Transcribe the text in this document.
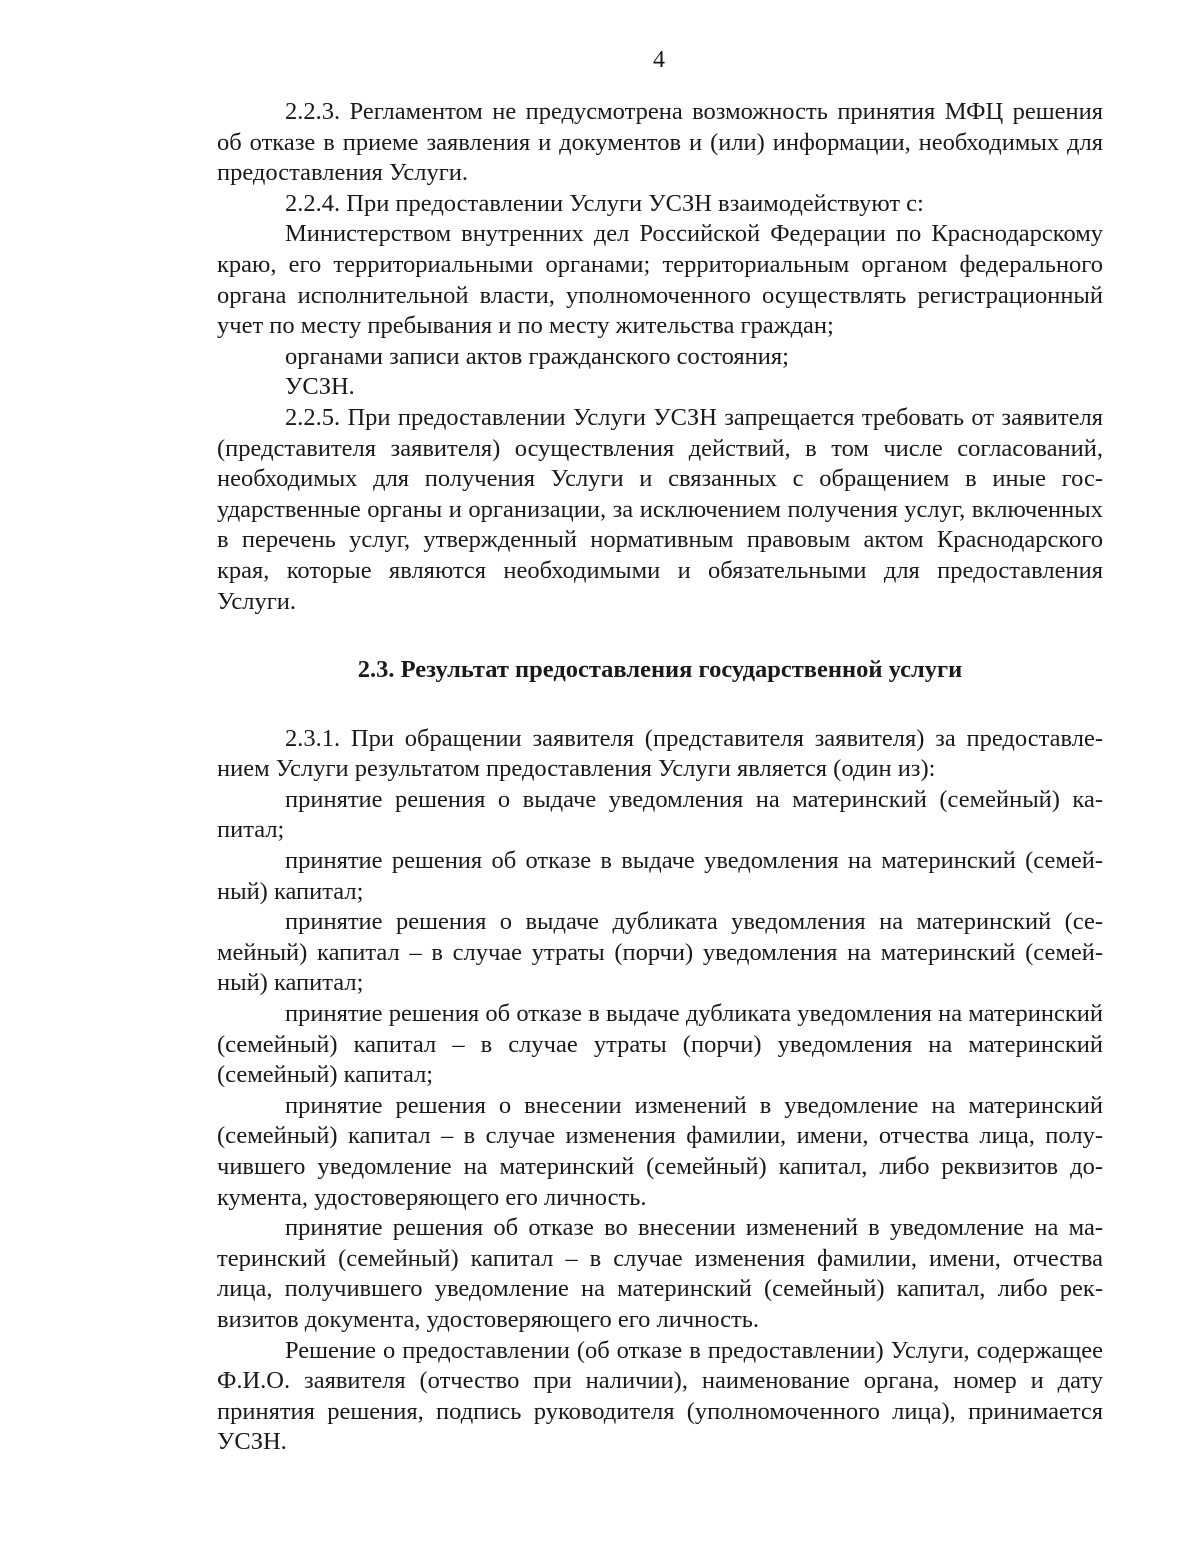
4

2.2.3. Регламентом не предусмотрена возможность принятия МФЦ решения об отказе в приеме заявления и документов и (или) информации, необходимых для предоставления Услуги.

2.2.4. При предоставлении Услуги УСЗН взаимодействуют с:

Министерством внутренних дел Российской Федерации по Краснодарскому краю, его территориальными органами; территориальным органом федерального органа исполнительной власти, уполномоченного осуществлять регистрационный учет по месту пребывания и по месту жительства граждан;

органами записи актов гражданского состояния;

УСЗН.

2.2.5. При предоставлении Услуги УСЗН запрещается требовать от заявителя (представителя заявителя) осуществления действий, в том числе согласований, необходимых для получения Услуги и связанных с обращением в иные государственные органы и организации, за исключением получения услуг, включенных в перечень услуг, утвержденный нормативным правовым актом Краснодарского края, которые являются необходимыми и обязательными для предоставления Услуги.

2.3. Результат предоставления государственной услуги

2.3.1. При обращении заявителя (представителя заявителя) за предоставлением Услуги результатом предоставления Услуги является (один из):

принятие решения о выдаче уведомления на материнский (семейный) капитал;

принятие решения об отказе в выдаче уведомления на материнский (семейный) капитал;

принятие решения о выдаче дубликата уведомления на материнский (семейный) капитал – в случае утраты (порчи) уведомления на материнский (семейный) капитал;

принятие решения об отказе в выдаче дубликата уведомления на материнский (семейный) капитал – в случае утраты (порчи) уведомления на материнский (семейный) капитал;

принятие решения о внесении изменений в уведомление на материнский (семейный) капитал – в случае изменения фамилии, имени, отчества лица, получившего уведомление на материнский (семейный) капитал, либо реквизитов документа, удостоверяющего его личность.

принятие решения об отказе во внесении изменений в уведомление на материнский (семейный) капитал – в случае изменения фамилии, имени, отчества лица, получившего уведомление на материнский (семейный) капитал, либо реквизитов документа, удостоверяющего его личность.

Решение о предоставлении (об отказе в предоставлении) Услуги, содержащее Ф.И.О. заявителя (отчество при наличии), наименование органа, номер и дату принятия решения, подпись руководителя (уполномоченного лица), принимается УСЗН.
